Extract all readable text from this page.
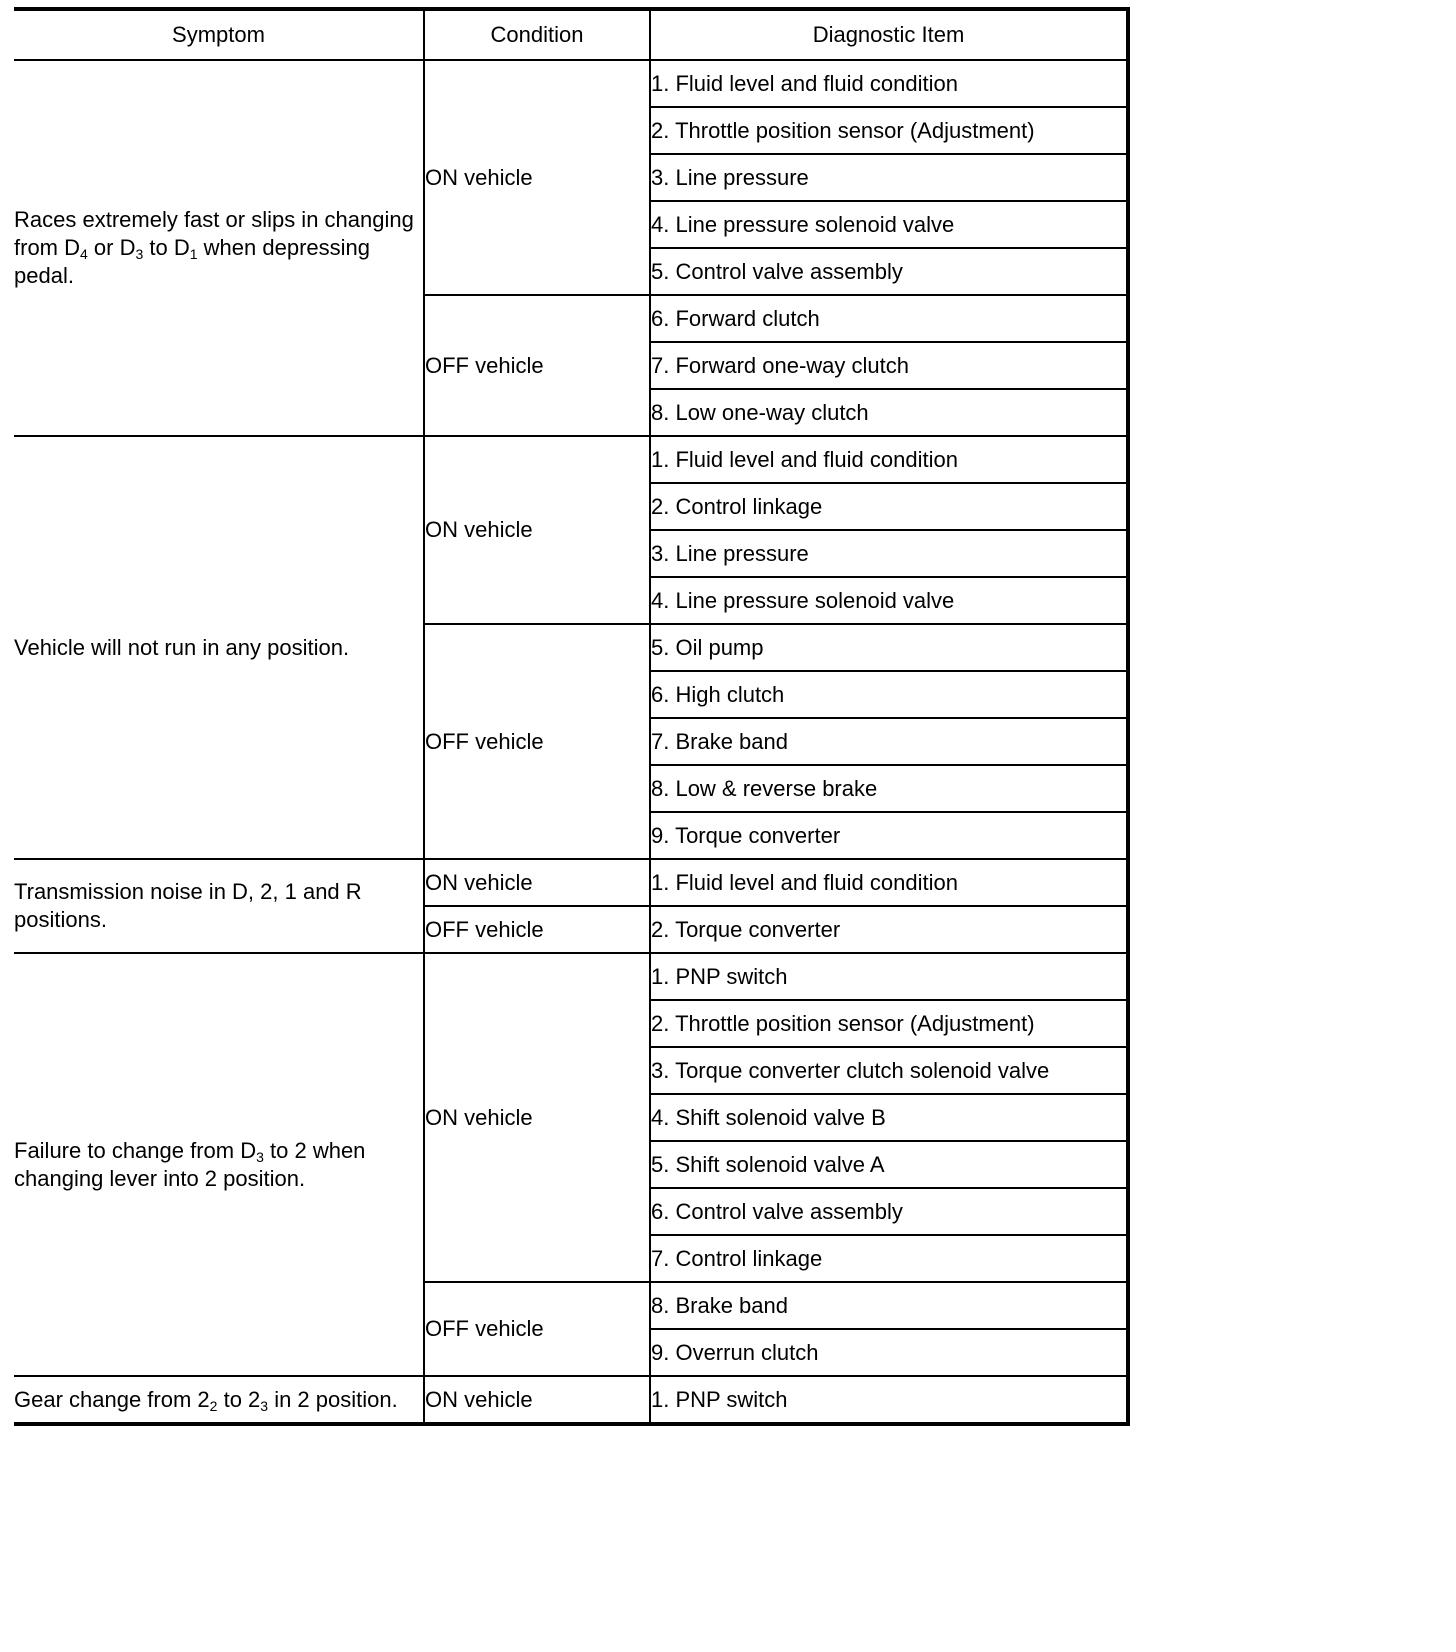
Symptom	Condition	Diagnostic Item
Races extremely fast or slips in changing from $D_4$ or $D_3$ to $D_1$ when depressing pedal.	ON vehicle	1. Fluid level and fluid condition
		2. Throttle position sensor (Adjustment)
		3. Line pressure
		4. Line pressure solenoid valve
		5. Control valve assembly
	OFF vehicle	6. Forward clutch
		7. Forward one-way clutch
		8. Low one-way clutch
Vehicle will not run in any position.	ON vehicle	1. Fluid level and fluid condition
		2. Control linkage
		3. Line pressure
		4. Line pressure solenoid valve
	OFF vehicle	5. Oil pump
		6. High clutch
		7. Brake band
		8. Low & reverse brake
		9. Torque converter
Transmission noise in D, 2, 1 and R positions.	ON vehicle	1. Fluid level and fluid condition
	OFF vehicle	2. Torque converter
Failure to change from $D_3$ to 2 when changing lever into 2 position.	ON vehicle	1. PNP switch
		2. Throttle position sensor (Adjustment)
		3. Torque converter clutch solenoid valve
		4. Shift solenoid valve B
		5. Shift solenoid valve A
		6. Control valve assembly
		7. Control linkage
	OFF vehicle	8. Brake band
		9. Overrun clutch
Gear change from $2_2$ to $2_3$ in 2 position.	ON vehicle	1. PNP switch
